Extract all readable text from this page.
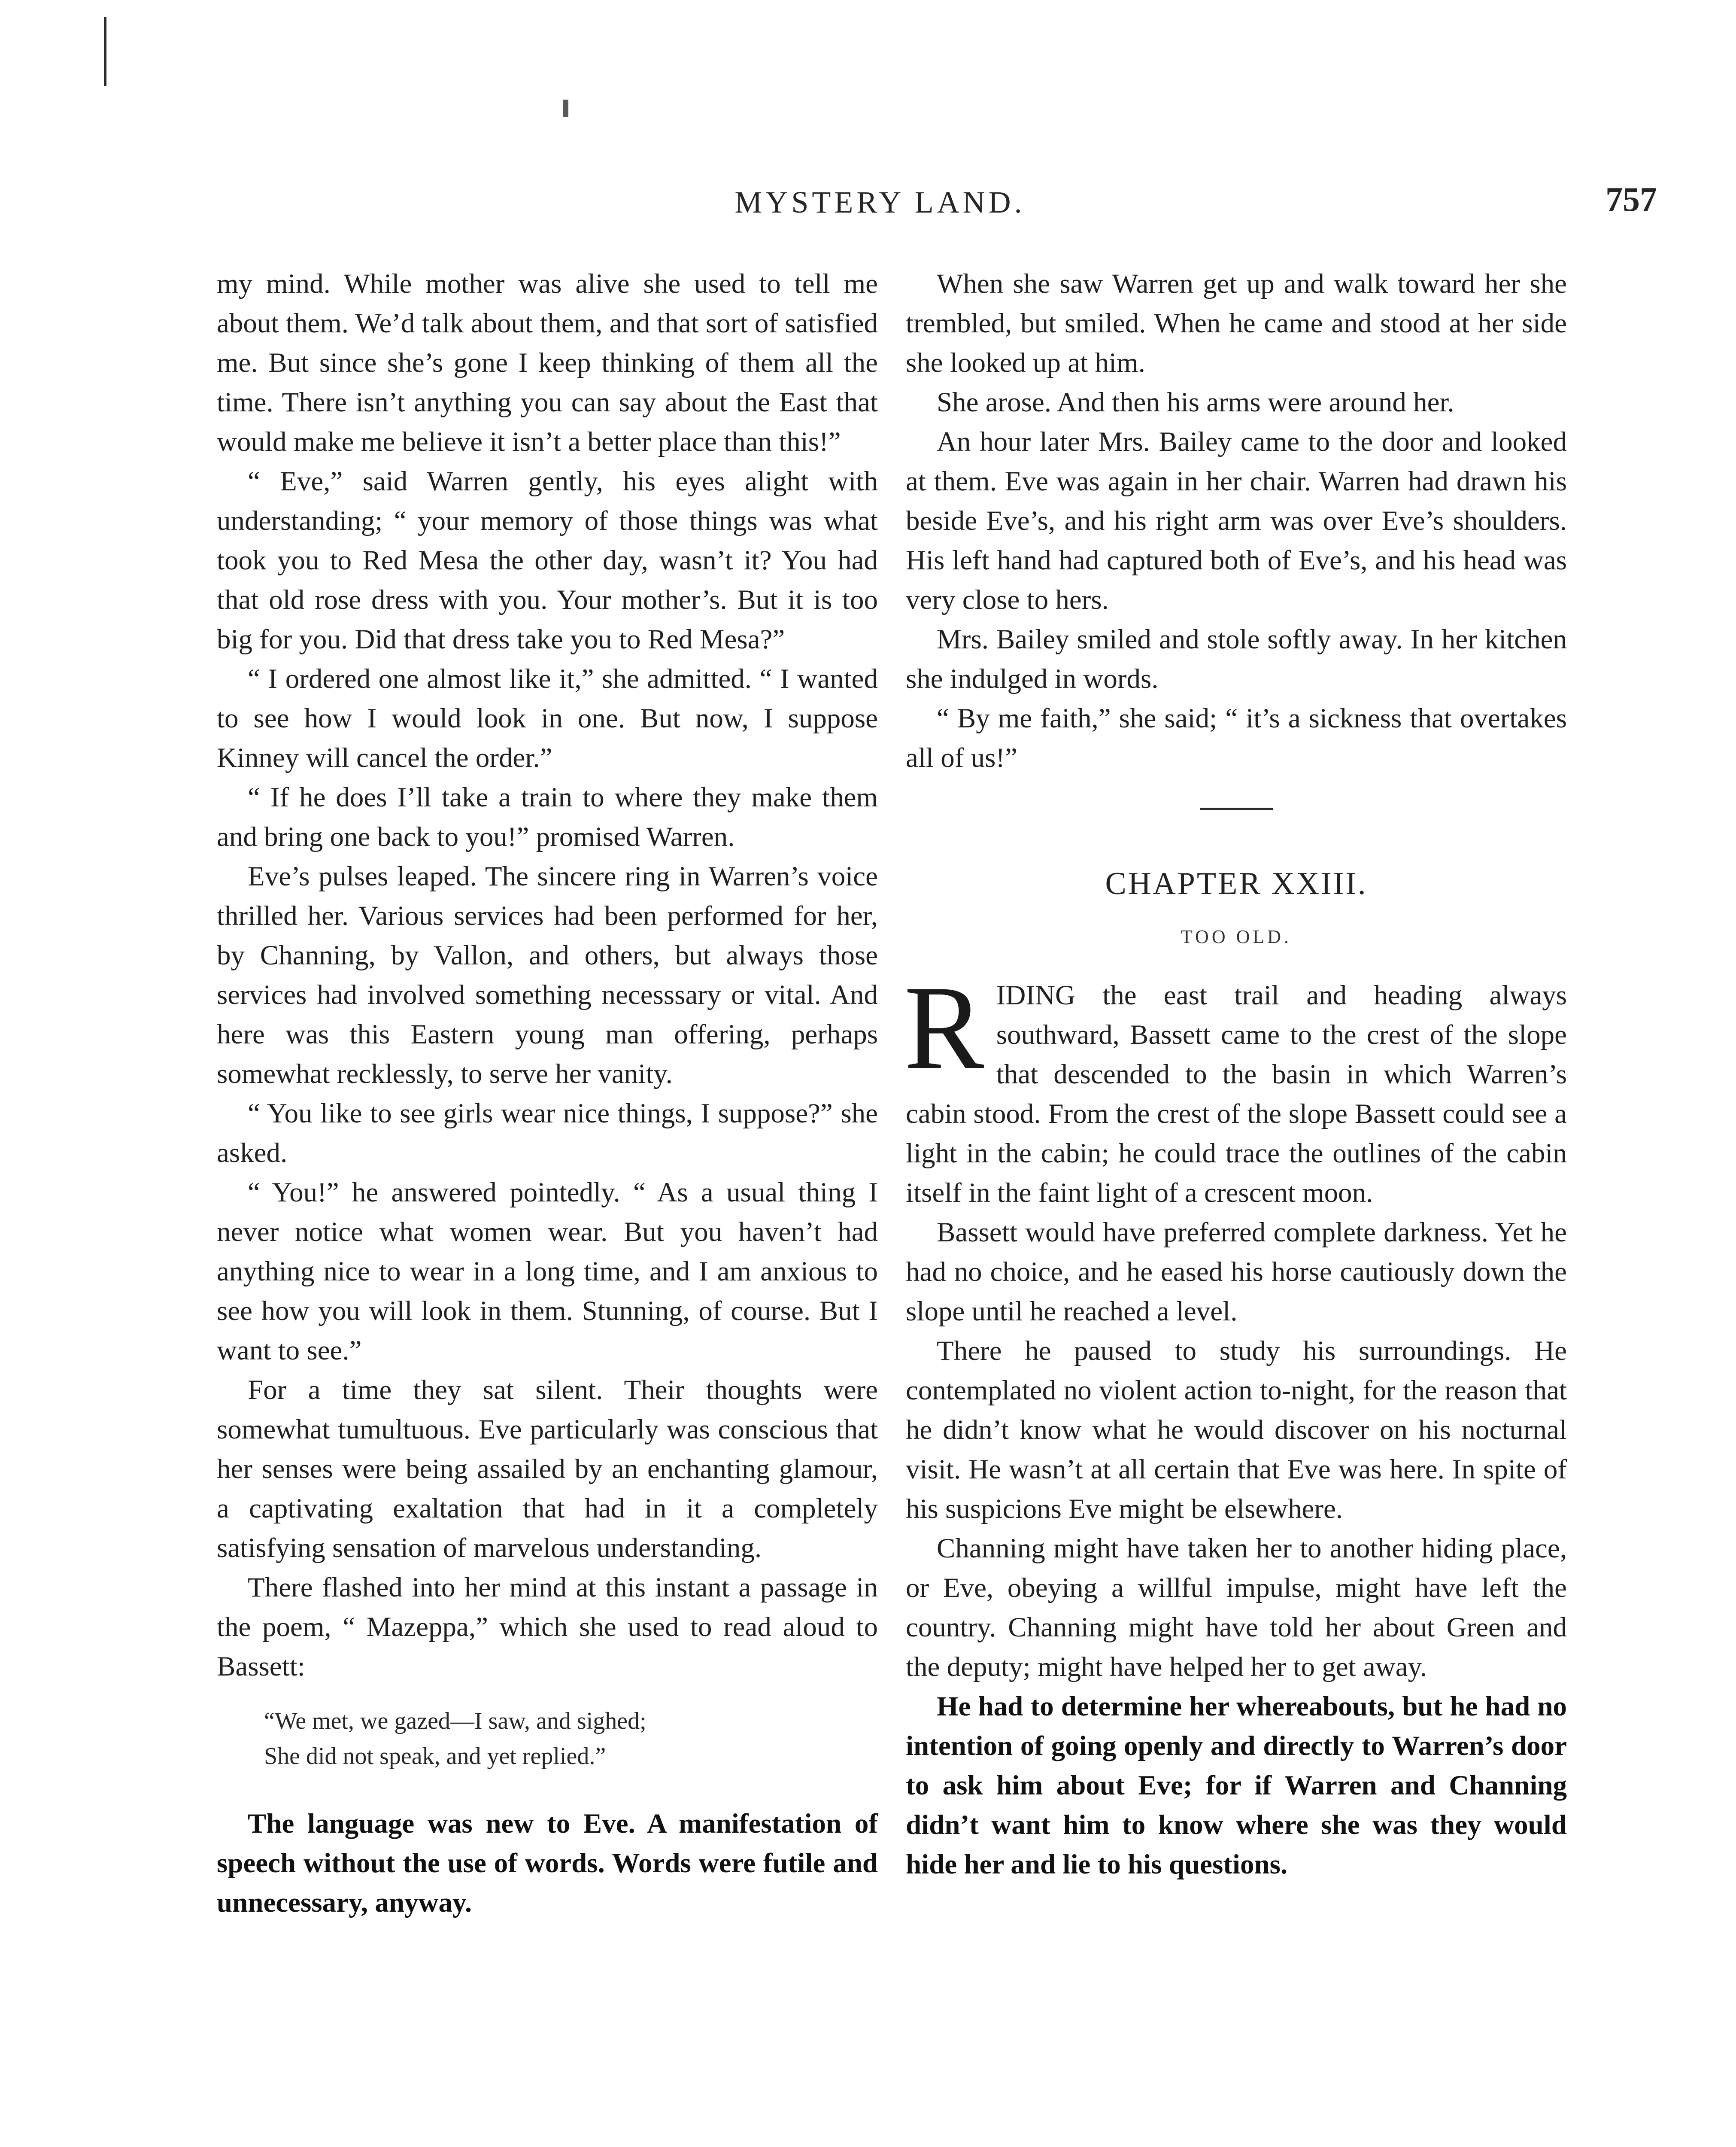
MYSTERY LAND.	757

my mind. While mother was alive she used to tell me about them. We’d talk about them, and that sort of satisfied me. But since she’s gone I keep thinking of them all the time. There isn’t anything you can say about the East that would make me believe it isn’t a better place than this!”

“ Eve,” said Warren gently, his eyes alight with understanding; “ your memory of those things was what took you to Red Mesa the other day, wasn’t it? You had that old rose dress with you. Your mother’s. But it is too big for you. Did that dress take you to Red Mesa?”

“ I ordered one almost like it,” she admitted. “ I wanted to see how I would look in one. But now, I suppose Kinney will cancel the order.”

“ If he does I’ll take a train to where they make them and bring one back to you!” promised Warren.

Eve’s pulses leaped. The sincere ring in Warren’s voice thrilled her. Various services had been performed for her, by Channing, by Vallon, and others, but always those services had involved something necesssary or vital. And here was this Eastern young man offering, perhaps somewhat recklessly, to serve her vanity.

“ You like to see girls wear nice things, I suppose?” she asked.

“ You!” he answered pointedly. “ As a usual thing I never notice what women wear. But you haven’t had anything nice to wear in a long time, and I am anxious to see how you will look in them. Stunning, of course. But I want to see.”

For a time they sat silent. Their thoughts were somewhat tumultuous. Eve particularly was conscious that her senses were being assailed by an enchanting glamour, a captivating exaltation that had in it a completely satisfying sensation of marvelous understanding.

There flashed into her mind at this instant a passage in the poem, “ Mazeppa,” which she used to read aloud to Bassett:

“We met, we gazed—I saw, and sighed;
She did not speak, and yet replied.”

The language was new to Eve. A manifestation of speech without the use of words. Words were futile and unnecessary, anyway.

When she saw Warren get up and walk toward her she trembled, but smiled. When he came and stood at her side she looked up at him.

She arose. And then his arms were around her.

An hour later Mrs. Bailey came to the door and looked at them. Eve was again in her chair. Warren had drawn his beside Eve’s, and his right arm was over Eve’s shoulders. His left hand had captured both of Eve’s, and his head was very close to hers.

Mrs. Bailey smiled and stole softly away. In her kitchen she indulged in words.

“ By me faith,” she said; “ it’s a sickness that overtakes all of us!”

CHAPTER XXIII.
TOO OLD.

RIDING the east trail and heading always southward, Bassett came to the crest of the slope that descended to the basin in which Warren’s cabin stood. From the crest of the slope Bassett could see a light in the cabin; he could trace the outlines of the cabin itself in the faint light of a crescent moon.

Bassett would have preferred complete darkness. Yet he had no choice, and he eased his horse cautiously down the slope until he reached a level.

There he paused to study his surroundings. He contemplated no violent action to-night, for the reason that he didn’t know what he would discover on his nocturnal visit. He wasn’t at all certain that Eve was here. In spite of his suspicions Eve might be elsewhere.

Channing might have taken her to another hiding place, or Eve, obeying a willful impulse, might have left the country. Channing might have told her about Green and the deputy; might have helped her to get away.

He had to determine her whereabouts, but he had no intention of going openly and directly to Warren’s door to ask him about Eve; for if Warren and Channing didn’t want him to know where she was they would hide her and lie to his questions.
